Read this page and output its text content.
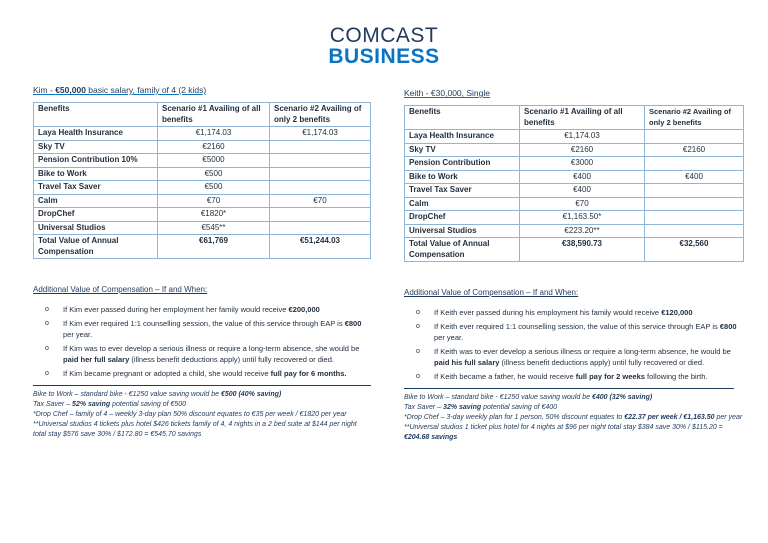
COMCAST
BUSINESS
Kim - €50,000 basic salary, family of 4 (2 kids)
Benefits	Scenario #1 Availing of all benefits	Scenario #2 Availing of only 2 benefits
Laya Health Insurance	€1,174.03	€1,174.03
Sky TV	€2160	
Pension Contribution 10%	€5000	
Bike to Work	€500	
Travel Tax Saver	€500	
Calm	€70	€70
DropChef	€1820*	
Universal Studios	€545**	
Total Value of Annual Compensation	€61,769	€51,244.03
Additional Value of Compensation – If and When:
o If Kim ever passed during her employment her family would receive €200,000
o If Kim ever required 1:1 counselling session, the value of this service through EAP is €800 per year.
o If Kim was to ever develop a serious illness or require a long-term absence, she would be paid her full salary (illness benefit deductions apply) until fully recovered or died.
o If Kim became pregnant or adopted a child, she would receive full pay for 6 months.
Bike to Work – standard bike - €1250 value saving would be €500 (40% saving)
Tax Saver – 52% saving potential saving of €500
*Drop Chef – family of 4 – weekly 3-day plan 50% discount equates to €35 per week / €1820 per year
**Universal studios 4 tickets plus hotel $426 tickets family of 4, 4 nights in a 2 bed suite at $144 per night total stay $576 save 30% / $172.80 = €545.70 savings
Keith - €30,000, Single
Benefits	Scenario #1 Availing of all benefits	Scenario #2 Availing of only 2 benefits
Laya Health Insurance	€1,174.03	
Sky TV	€2160	€2160
Pension Contribution	€3000	
Bike to Work	€400	€400
Travel Tax Saver	€400	
Calm	€70	
DropChef	€1,163.50*	
Universal Studios	€223.20**	
Total Value of Annual Compensation	€38,590.73	€32,560
Additional Value of Compensation – If and When:
o If Keith ever passed during his employment his family would receive €120,000
o If Keith ever required 1:1 counselling session, the value of this service through EAP is €800 per year.
o If Keith was to ever develop a serious illness or require a long-term absence, he would be paid his full salary (illness benefit deductions apply) until fully recovered or died.
o If Keith became a father, he would receive full pay for 2 weeks following the birth.
Bike to Work – standard bike - €1250 value saving would be €400 (32% saving)
Tax Saver – 32% saving potential saving of €400
*Drop Chef – 3-day weekly plan for 1 person, 50% discount equates to €22.37 per week / €1,163.50 per year
**Universal studios 1 ticket plus hotel for 4 nights at $96 per night total stay $384 save 30% / $115.20 = €204.68 savings
